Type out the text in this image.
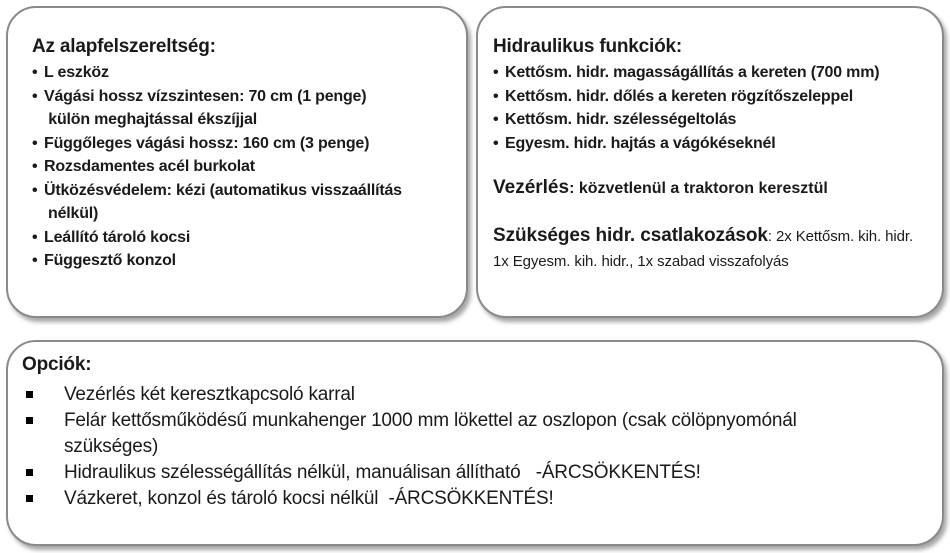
Az alapfelszereltség:
• L eszköz
• Vágási hossz vízszintesen: 70 cm (1 penge)
külön meghajtással ékszíjjal
• Függőleges vágási hossz: 160 cm (3 penge)
• Rozsdamentes acél burkolat
• Ütközésvédelem: kézi (automatikus visszaállítás
nélkül)
• Leállító tároló kocsi
• Függesztő konzol
Hidraulikus funkciók:
• Kettősm. hidr. magasságállítás a kereten (700 mm)
• Kettősm. hidr. dőlés a kereten rögzítőszeleppel
• Kettősm. hidr. szélességeltolás
• Egyesm. hidr. hajtás a vágókéseknél
Vezérlés: közvetlenül a traktoron keresztül
Szükséges hidr. csatlakozások: 2x Kettősm. kih. hidr. 1x Egyesm. kih. hidr., 1x szabad visszafolyás
Opciók:
Vezérlés két keresztkapcsoló karral
Felár kettősműködésű munkahenger 1000 mm lökettel az oszlopon (csak cölöpnyomónál
szükséges)
Hidraulikus szélességállítás nélkül, manuálisan állítható   -ÁRCSÖKKENTÉS!
Vázkeret, konzol és tároló kocsi nélkül  -ÁRCSÖKKENTÉS!
